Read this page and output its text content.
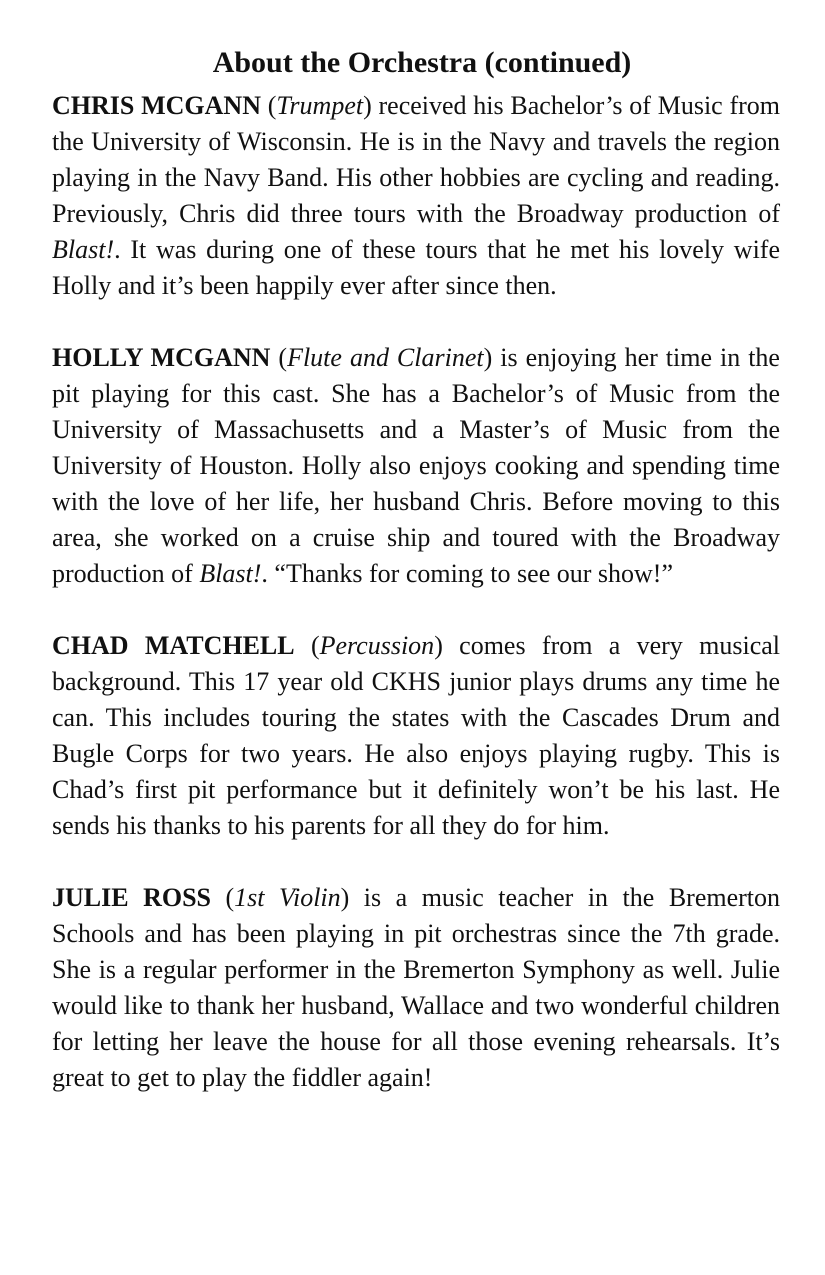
About the Orchestra (continued)

CHRIS MCGANN (Trumpet) received his Bachelor’s of Music from the University of Wisconsin. He is in the Navy and travels the region playing in the Navy Band. His other hobbies are cycling and reading. Previously, Chris did three tours with the Broadway production of Blast!. It was during one of these tours that he met his lovely wife Holly and it’s been happily ever after since then.

HOLLY MCGANN (Flute and Clarinet) is enjoying her time in the pit playing for this cast. She has a Bachelor’s of Music from the University of Massachusetts and a Master’s of Music from the University of Houston. Holly also enjoys cooking and spending time with the love of her life, her husband Chris. Before moving to this area, she worked on a cruise ship and toured with the Broadway production of Blast!. “Thanks for coming to see our show!”

CHAD MATCHELL (Percussion) comes from a very musical background. This 17 year old CKHS junior plays drums any time he can. This includes touring the states with the Cascades Drum and Bugle Corps for two years. He also enjoys playing rugby. This is Chad’s first pit performance but it definitely won’t be his last. He sends his thanks to his parents for all they do for him.

JULIE ROSS (1st Violin) is a music teacher in the Bremerton Schools and has been playing in pit orchestras since the 7th grade. She is a regular performer in the Bremerton Symphony as well. Julie would like to thank her husband, Wallace and two wonderful children for letting her leave the house for all those evening rehearsals. It’s great to get to play the fiddler again!
